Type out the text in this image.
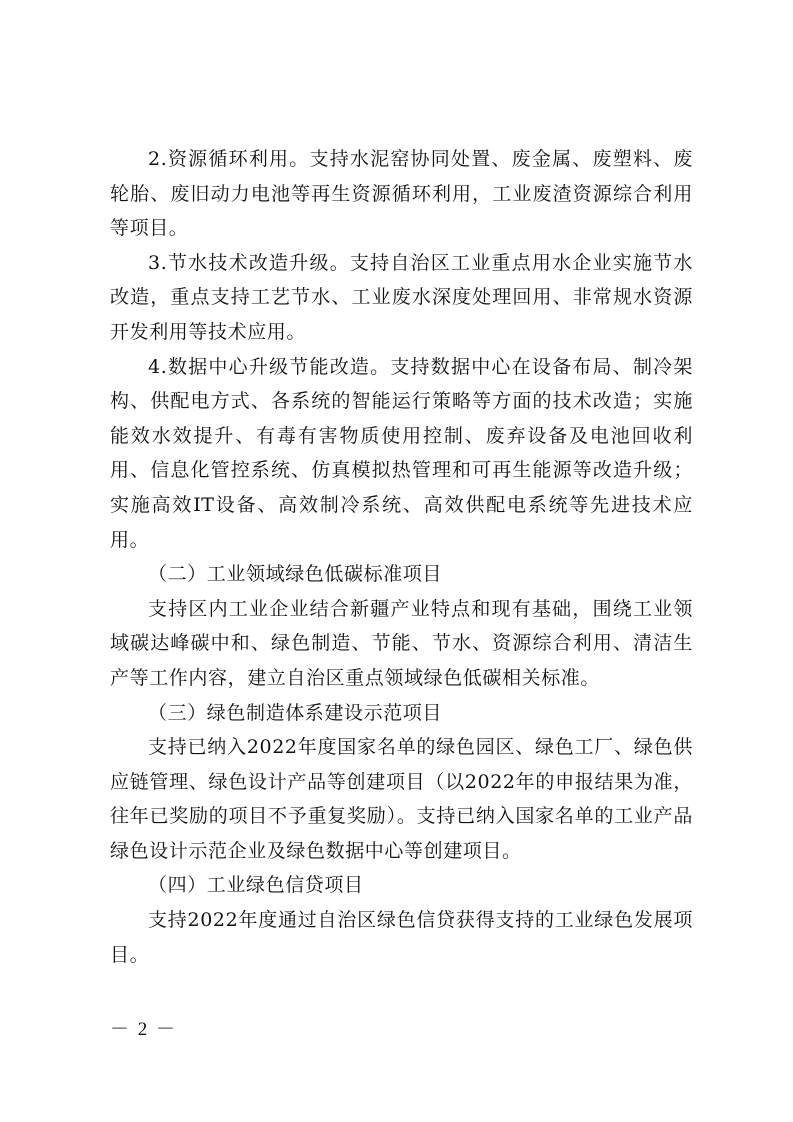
2.资源循环利用。支持水泥窑协同处置、废金属、废塑料、废轮胎、废旧动力电池等再生资源循环利用，工业废渣资源综合利用等项目。

3.节水技术改造升级。支持自治区工业重点用水企业实施节水改造，重点支持工艺节水、工业废水深度处理回用、非常规水资源开发利用等技术应用。

4.数据中心升级节能改造。支持数据中心在设备布局、制冷架构、供配电方式、各系统的智能运行策略等方面的技术改造；实施能效水效提升、有毒有害物质使用控制、废弃设备及电池回收利用、信息化管控系统、仿真模拟热管理和可再生能源等改造升级；实施高效IT设备、高效制冷系统、高效供配电系统等先进技术应用。

（二）工业领域绿色低碳标准项目

支持区内工业企业结合新疆产业特点和现有基础，围绕工业领域碳达峰碳中和、绿色制造、节能、节水、资源综合利用、清洁生产等工作内容，建立自治区重点领域绿色低碳相关标准。

（三）绿色制造体系建设示范项目

支持已纳入2022年度国家名单的绿色园区、绿色工厂、绿色供应链管理、绿色设计产品等创建项目（以2022年的申报结果为准，往年已奖励的项目不予重复奖励）。支持已纳入国家名单的工业产品绿色设计示范企业及绿色数据中心等创建项目。

（四）工业绿色信贷项目

支持2022年度通过自治区绿色信贷获得支持的工业绿色发展项目。

－ 2 －
